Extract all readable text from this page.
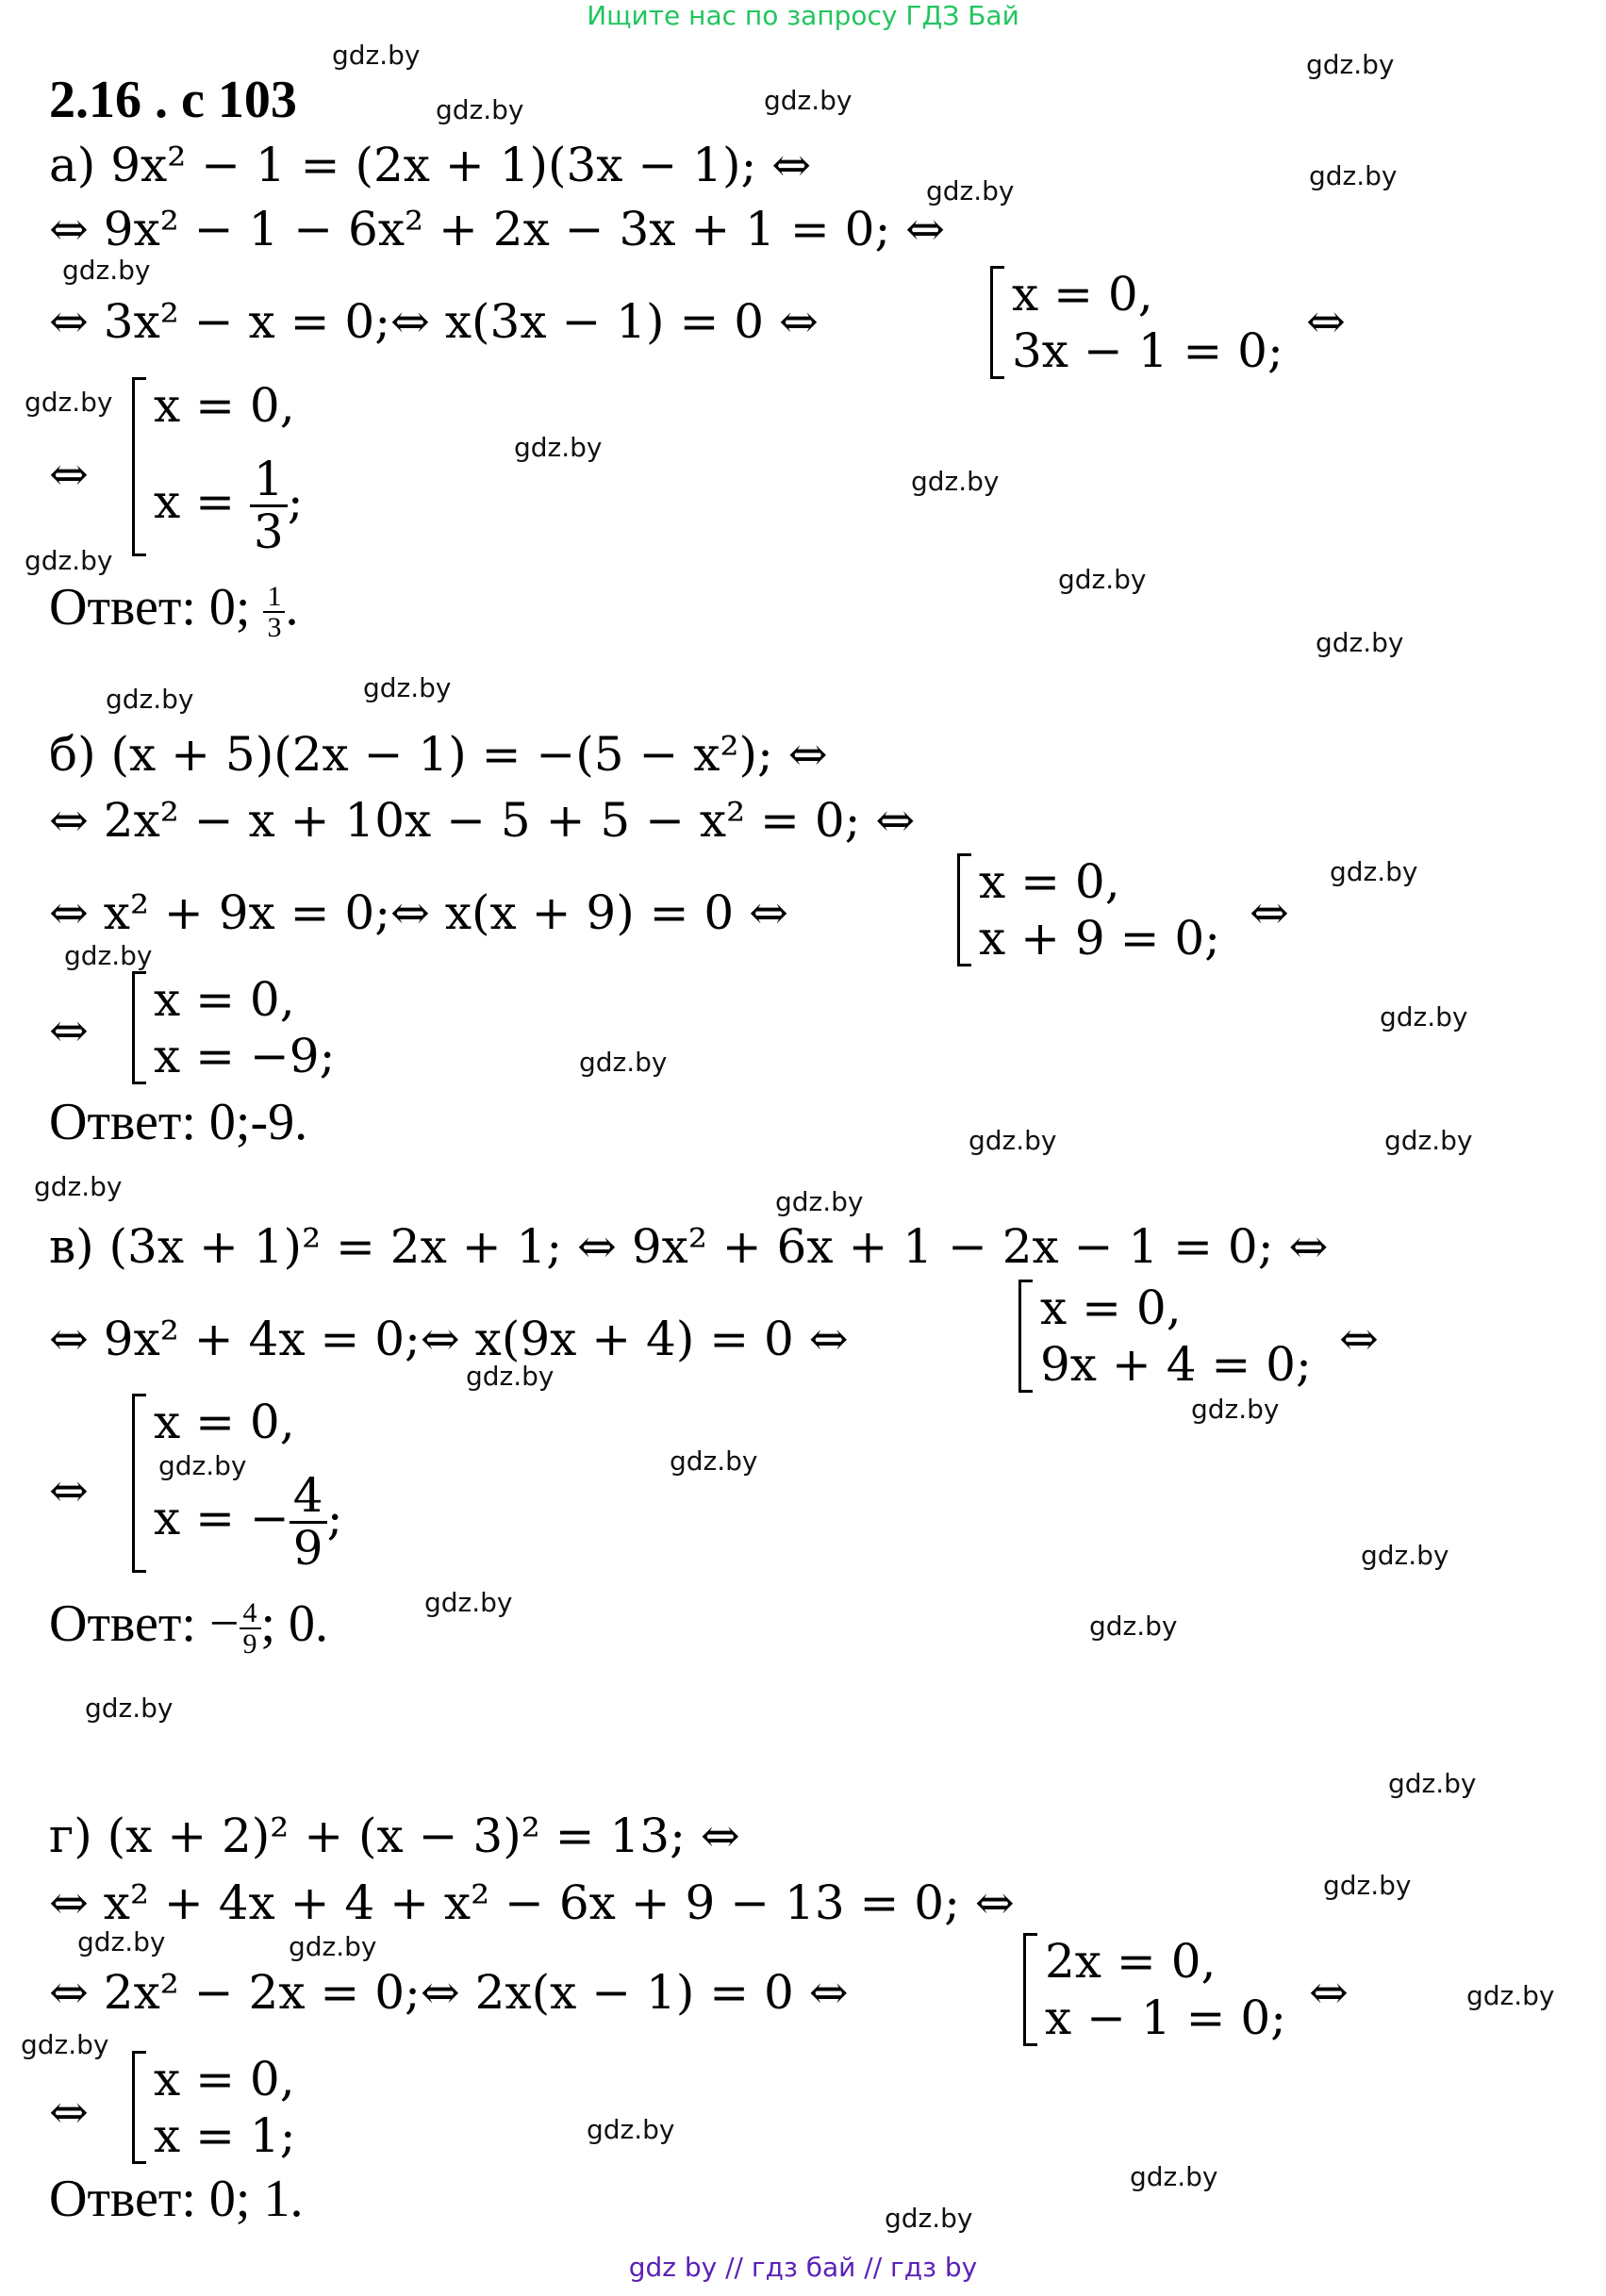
Ищите нас по запросу ГДЗ Бай
2.16 . с 103
а) 9x² − 1 = (2x + 1)(3x − 1); ⇔
⇔ 9x² − 1 − 6x² + 2x − 3x + 1 = 0; ⇔
⇔ 3x² − x = 0;⇔ x(3x − 1) = 0 ⇔	x = 0,
3x − 1 = 0;
⇔
⇔
x = 0,
$x = \frac{1}{3}$ ;
Ответ: 0; $\frac{1}{3}$ .
б) (x + 5)(2x − 1) = −(5 − x²); ⇔
⇔ 2x² − x + 10x − 5 + 5 − x² = 0; ⇔
⇔ x² + 9x = 0;⇔ x(x + 9) = 0 ⇔
x = 0,
x + 9 = 0; ⇔
⇔
x = 0,
x = −9;
Ответ: 0;-9.
в) (3x + 1)² = 2x + 1; ⇔ 9x² + 6x + 1 − 2x − 1 = 0; ⇔
⇔ 9x² + 4x = 0;⇔ x(9x + 4) = 0 ⇔
x = 0,
9x + 4 = 0; ⇔
⇔
x = 0,
x = − $\frac{4}{9}$ ;
Ответ: − $\frac{4}{9}$ ; 0.
г) (x + 2)² + (x − 3)² = 13; ⇔
⇔ x² + 4x + 4 + x² − 6x + 9 − 13 = 0; ⇔
⇔ 2x² − 2x = 0;⇔ 2x(x − 1) = 0 ⇔
2x = 0,
x − 1 = 0; ⇔
⇔
x = 0,
x = 1;
Ответ: 0; 1.
gdz.by
gdz.by	gdz.by
gdz.by
gdz.by	gdz.by
gdz.by
gdz.by
gdz.by
gdz.by
gdz.by
gdz.by
gdz.by
gdz.by	gdz.by
gdz.by
gdz.by
gdz.by
gdz.by
gdz.by	gdz.by
gdz.by	gdz.by
gdz.by
gdz.by
gdz.by	gdz.by
gdz.by
gdz.by
gdz.by
gdz.by
gdz.by
gdz.by
gdz.by	gdz.by
gdz.by
gdz.by
gdz.by
gdz.by
gdz.by
gdz by // гдз бай // гдз by
